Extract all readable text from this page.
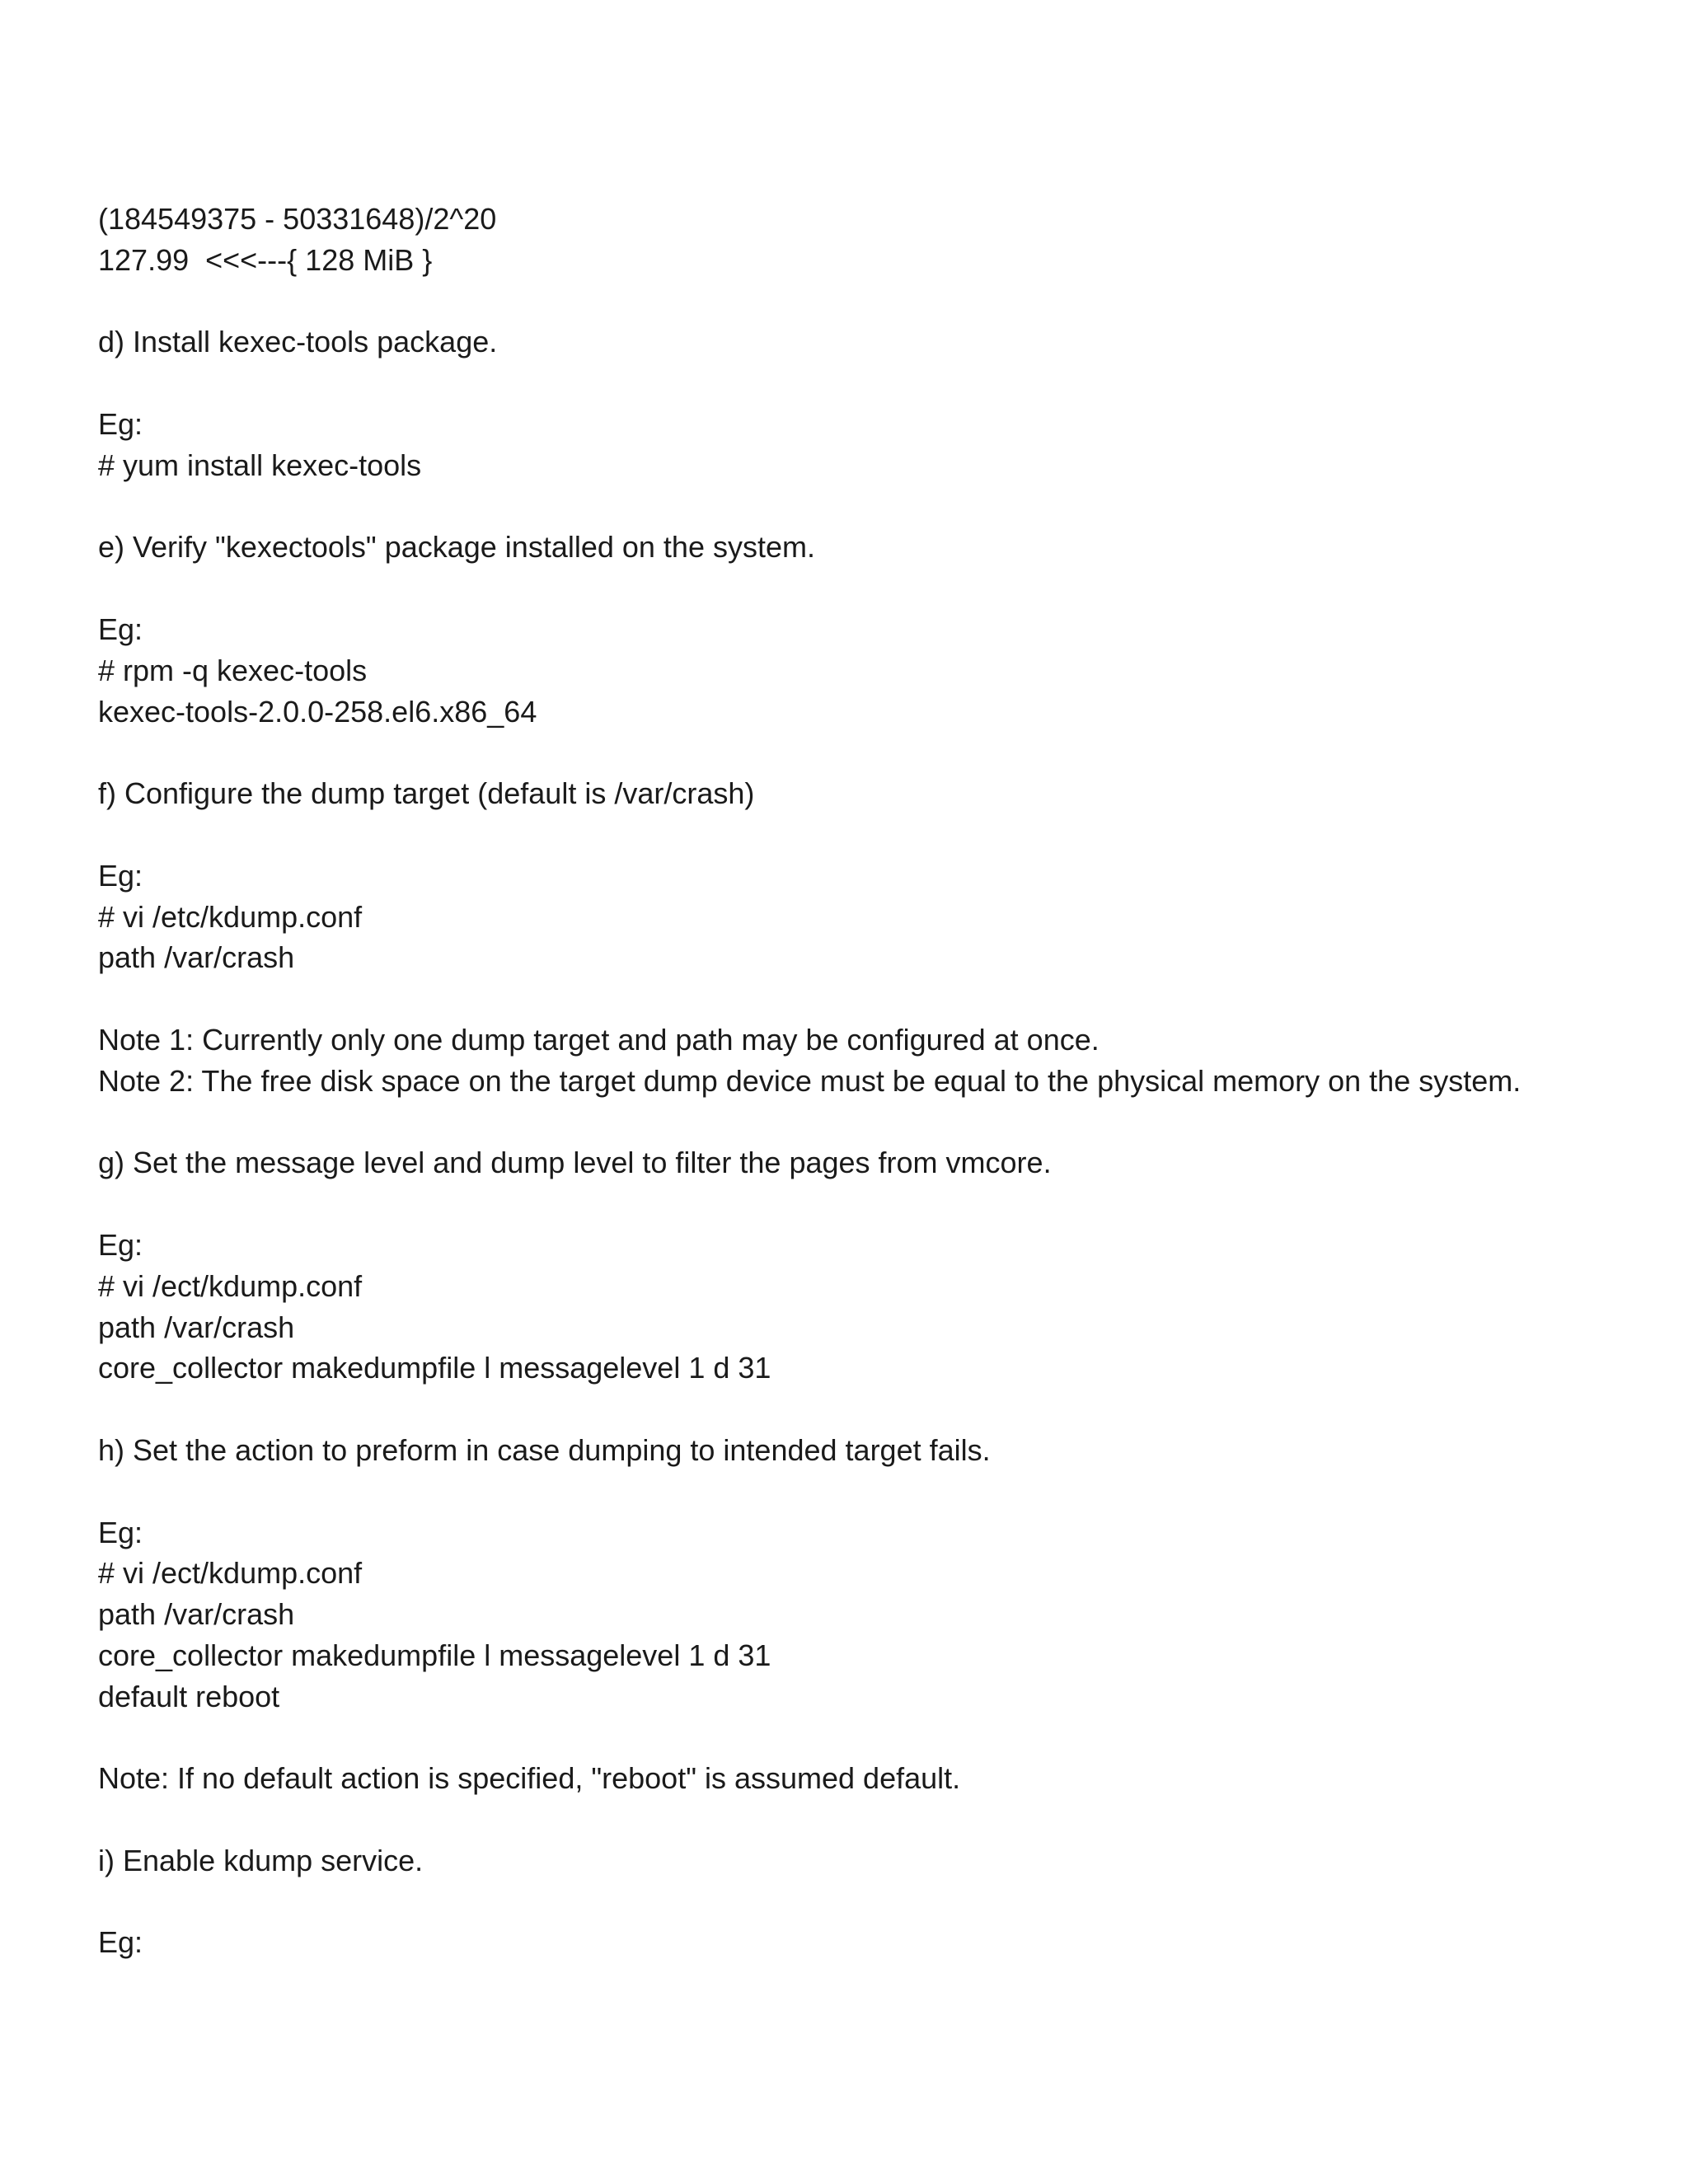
(184549375 - 50331648)/2^20

127.99  <<<---{ 128 MiB }

d) Install kexec-tools package.

Eg:

# yum install kexec-tools

e) Verify "kexectools" package installed on the system.

Eg:

# rpm -q kexec-tools

kexec-tools-2.0.0-258.el6.x86_64

f) Configure the dump target (default is /var/crash)

Eg:

# vi /etc/kdump.conf

path /var/crash

Note 1: Currently only one dump target and path may be configured at once.

Note 2: The free disk space on the target dump device must be equal to the physical memory on the system.

g) Set the message level and dump level to filter the pages from vmcore.

Eg:

# vi /ect/kdump.conf

path /var/crash

core_collector makedumpfile l messagelevel 1 d 31

h) Set the action to preform in case dumping to intended target fails.

Eg:

# vi /ect/kdump.conf

path /var/crash

core_collector makedumpfile l messagelevel 1 d 31

default reboot

Note: If no default action is specified, "reboot" is assumed default.

i) Enable kdump service.

Eg:
